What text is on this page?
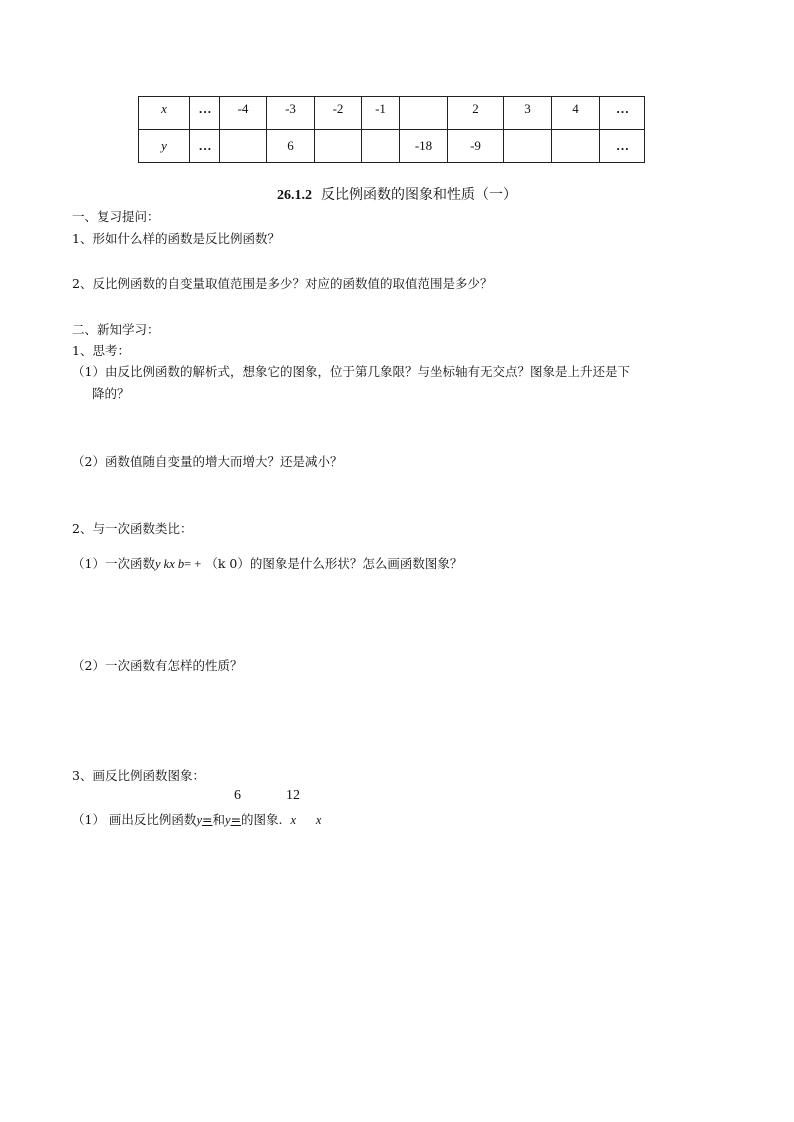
x	…	-4	-3	-2	-1		2	3	4	…
y	…		6			-18	-9			…
26.1.2 反比例函数的图象和性质（一）
一、复习提问：
1、形如什么样的函数是反比例函数？
2、反比例函数的自变量取值范围是多少？对应的函数值的取值范围是多少？
二、新知学习：
1、思考：
（1）由反比例函数的解析式，想象它的图象，位于第几象限？与坐标轴有无交点？图象是上升还是下
降的？
（2）函数值随自变量的增大而增大？还是减小？
2、与一次函数类比：
（1）一次函数y kx b= + （k 0）的图象是什么形状？怎么画函数图象？
（2）一次函数有怎样的性质？
3、画反比例函数图象：
6	12
（1） 画出反比例函数y=和y=的图象. x x
